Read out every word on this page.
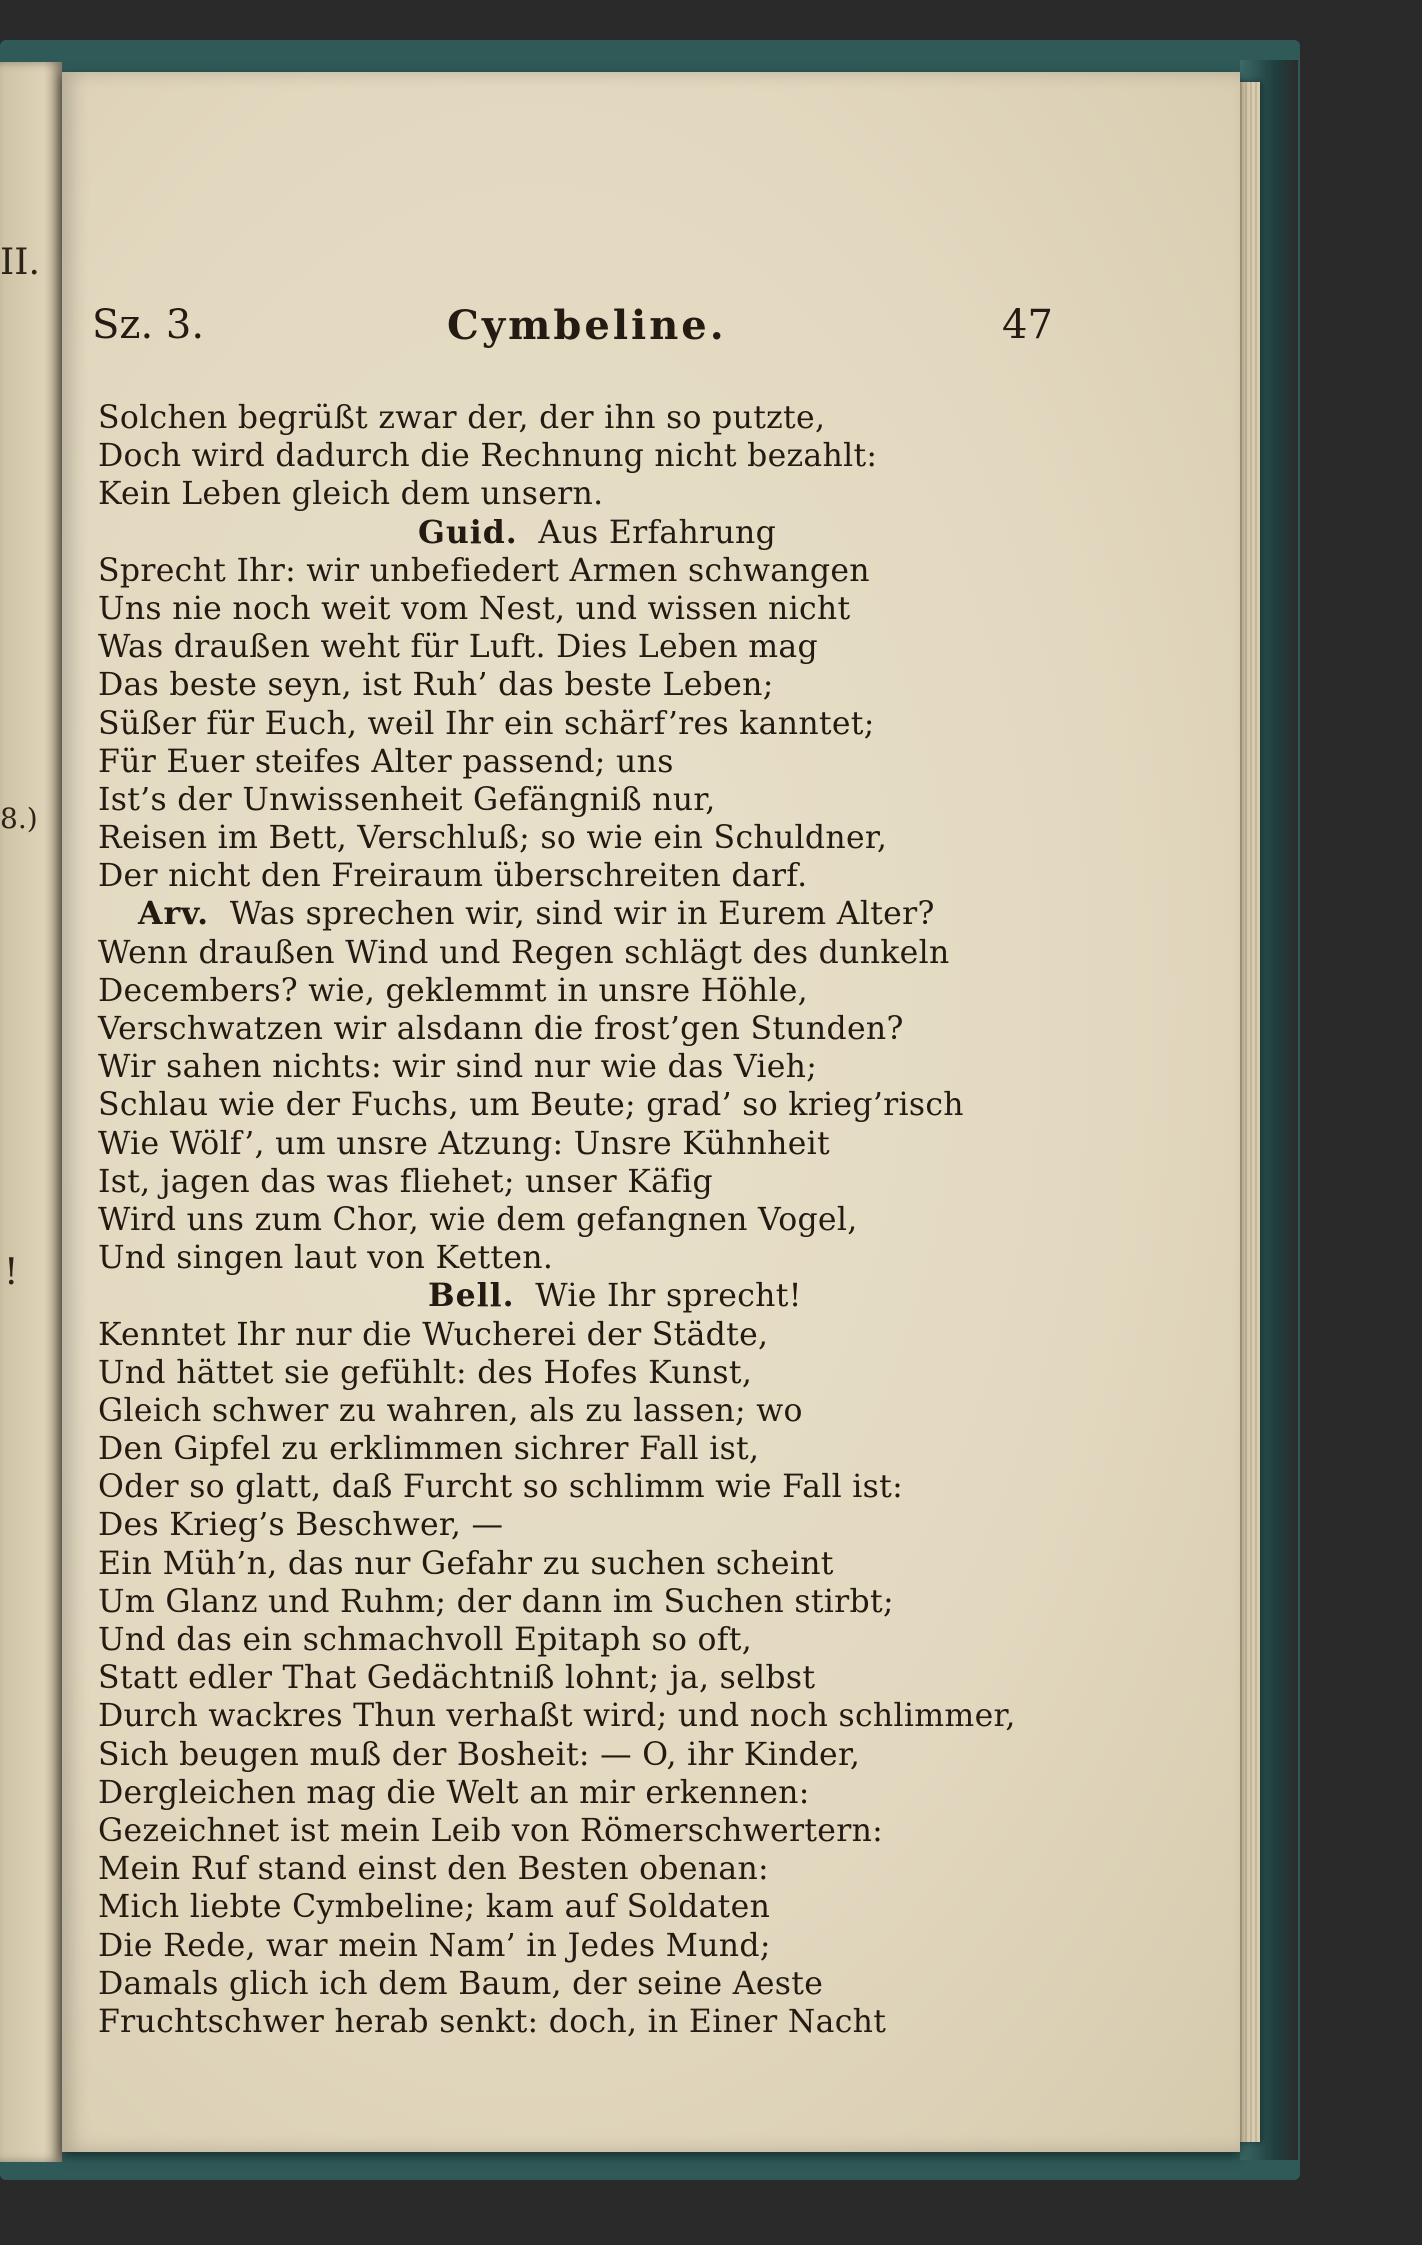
II.
8.)
!
Sz. 3.	Cymbeline.	47
Solchen begrüßt zwar der, der ihn so putzte,
Doch wird dadurch die Rechnung nicht bezahlt:
Kein Leben gleich dem unsern.
Guid. Aus Erfahrung
Sprecht Ihr: wir unbefiedert Armen schwangen
Uns nie noch weit vom Nest, und wissen nicht
Was draußen weht für Luft. Dies Leben mag
Das beste seyn, ist Ruh’ das beste Leben;
Süßer für Euch, weil Ihr ein schärf’res kanntet;
Für Euer steifes Alter passend; uns
Ist’s der Unwissenheit Gefängniß nur,
Reisen im Bett, Verschluß; so wie ein Schuldner,
Der nicht den Freiraum überschreiten darf.
Arv. Was sprechen wir, sind wir in Eurem Alter?
Wenn draußen Wind und Regen schlägt des dunkeln
Decembers? wie, geklemmt in unsre Höhle,
Verschwatzen wir alsdann die frost’gen Stunden?
Wir sahen nichts: wir sind nur wie das Vieh;
Schlau wie der Fuchs, um Beute; grad’ so krieg’risch
Wie Wölf’, um unsre Atzung: Unsre Kühnheit
Ist, jagen das was fliehet; unser Käfig
Wird uns zum Chor, wie dem gefangnen Vogel,
Und singen laut von Ketten.
Bell. Wie Ihr sprecht!
Kenntet Ihr nur die Wucherei der Städte,
Und hättet sie gefühlt: des Hofes Kunst,
Gleich schwer zu wahren, als zu lassen; wo
Den Gipfel zu erklimmen sichrer Fall ist,
Oder so glatt, daß Furcht so schlimm wie Fall ist:
Des Krieg’s Beschwer, —
Ein Müh’n, das nur Gefahr zu suchen scheint
Um Glanz und Ruhm; der dann im Suchen stirbt;
Und das ein schmachvoll Epitaph so oft,
Statt edler That Gedächtniß lohnt; ja, selbst
Durch wackres Thun verhaßt wird; und noch schlimmer,
Sich beugen muß der Bosheit: — O, ihr Kinder,
Dergleichen mag die Welt an mir erkennen:
Gezeichnet ist mein Leib von Römerschwertern:
Mein Ruf stand einst den Besten obenan:
Mich liebte Cymbeline; kam auf Soldaten
Die Rede, war mein Nam’ in Jedes Mund;
Damals glich ich dem Baum, der seine Aeste
Fruchtschwer herab senkt: doch, in Einer Nacht
